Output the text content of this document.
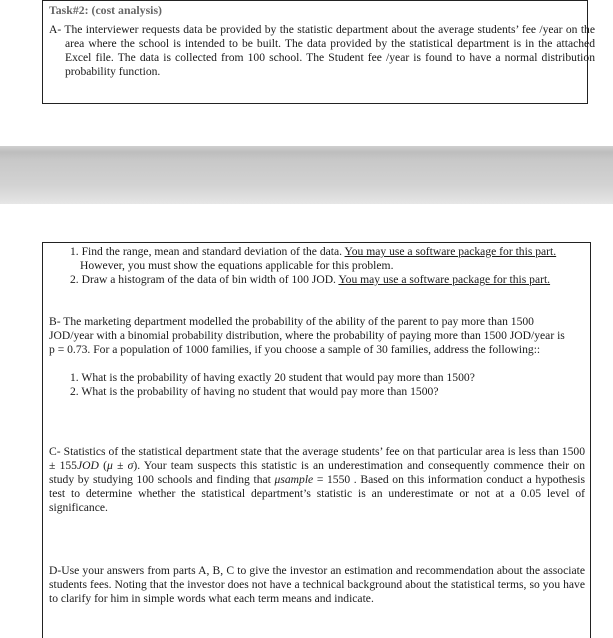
Task#2: (cost analysis)
A- The interviewer requests data be provided by the statistic department about the average students’ fee /year on the area where the school is intended to be built. The data provided by the statistical department is in the attached Excel file. The data is collected from 100 school. The Student fee /year is found to have a normal distribution probability function.
1. Find the range, mean and standard deviation of the data. You may use a software package for this part.
However, you must show the equations applicable for this problem.
2. Draw a histogram of the data of bin width of 100 JOD. You may use a software package for this part.
B- The marketing department modelled the probability of the ability of the parent to pay more than 1500 JOD/year with a binomial probability distribution, where the probability of paying more than 1500 JOD/year is p = 0.73. For a population of 1000 families, if you choose a sample of 30 families, address the following::
1. What is the probability of having exactly 20 student that would pay more than 1500?
2. What is the probability of having no student that would pay more than 1500?
C- Statistics of the statistical department state that the average students’ fee on that particular area is less than 1500 ± 155JOD (μ ± σ). Your team suspects this statistic is an underestimation and consequently commence their on study by studying 100 schools and finding that μsample = 1550 . Based on this information conduct a hypothesis test to determine whether the statistical department’s statistic is an underestimate or not at a 0.05 level of significance.
D-Use your answers from parts A, B, C to give the investor an estimation and recommendation about the associate students fees. Noting that the investor does not have a technical background about the statistical terms, so you have to clarify for him in simple words what each term means and indicate.
